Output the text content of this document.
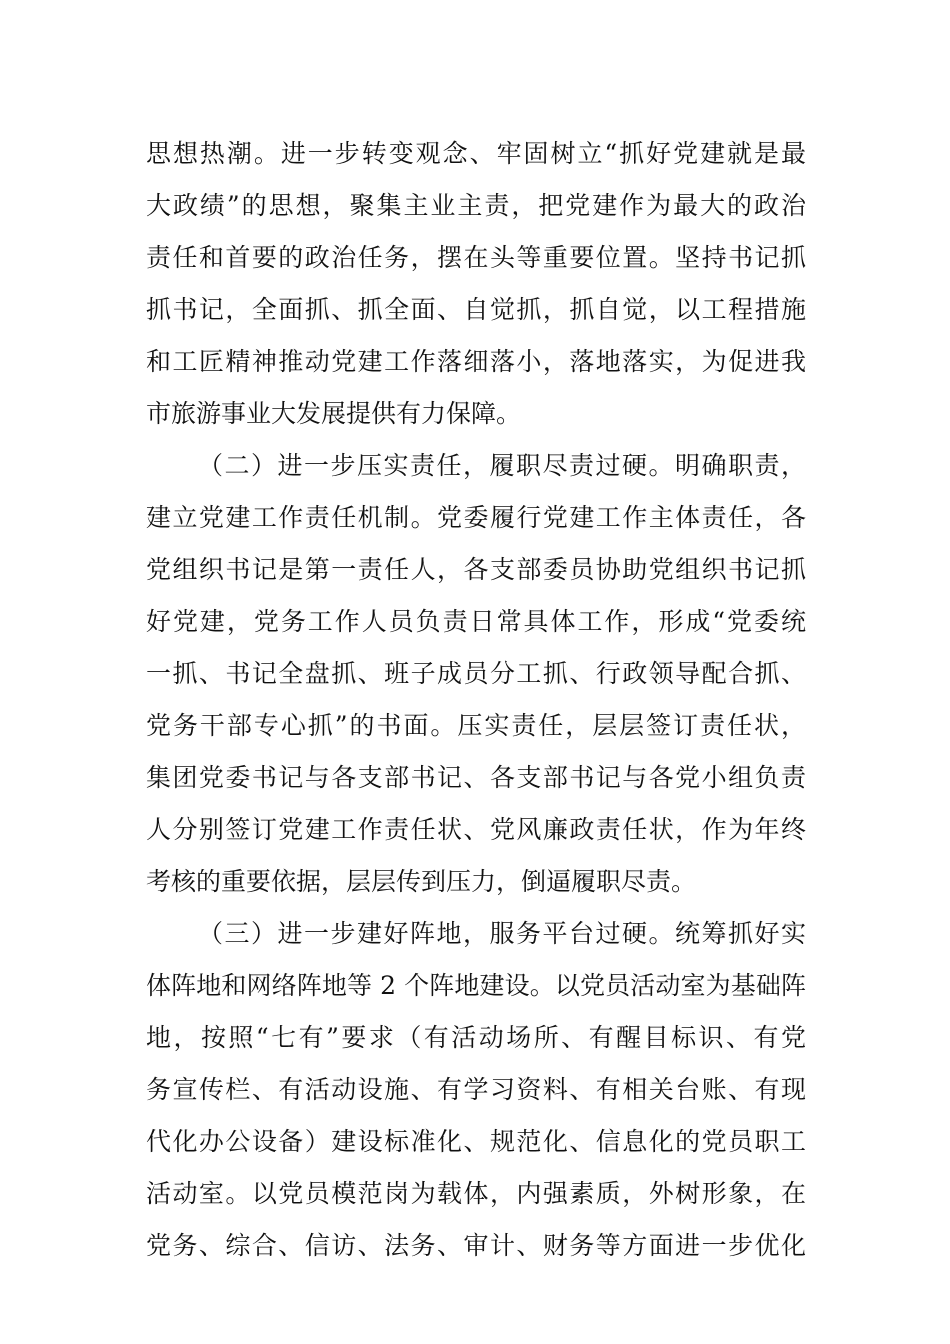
思想热潮。进一步转变观念、牢固树立“抓好党建就是最
大政绩”的思想，聚集主业主责，把党建作为最大的政治
责任和首要的政治任务，摆在头等重要位置。坚持书记抓
抓书记，全面抓、抓全面、自觉抓，抓自觉，以工程措施
和工匠精神推动党建工作落细落小，落地落实，为促进我
市旅游事业大发展提供有力保障。
（二）进一步压实责任，履职尽责过硬。明确职责，
建立党建工作责任机制。党委履行党建工作主体责任，各
党组织书记是第一责任人，各支部委员协助党组织书记抓
好党建，党务工作人员负责日常具体工作，形成“党委统
一抓、书记全盘抓、班子成员分工抓、行政领导配合抓、
党务干部专心抓”的书面。压实责任，层层签订责任状，
集团党委书记与各支部书记、各支部书记与各党小组负责
人分别签订党建工作责任状、党风廉政责任状，作为年终
考核的重要依据，层层传到压力，倒逼履职尽责。
（三）进一步建好阵地，服务平台过硬。统筹抓好实
体阵地和网络阵地等 2 个阵地建设。以党员活动室为基础阵
地，按照“七有”要求（有活动场所、有醒目标识、有党
务宣传栏、有活动设施、有学习资料、有相关台账、有现
代化办公设备）建设标准化、规范化、信息化的党员职工
活动室。以党员模范岗为载体，内强素质，外树形象，在
党务、综合、信访、法务、审计、财务等方面进一步优化
